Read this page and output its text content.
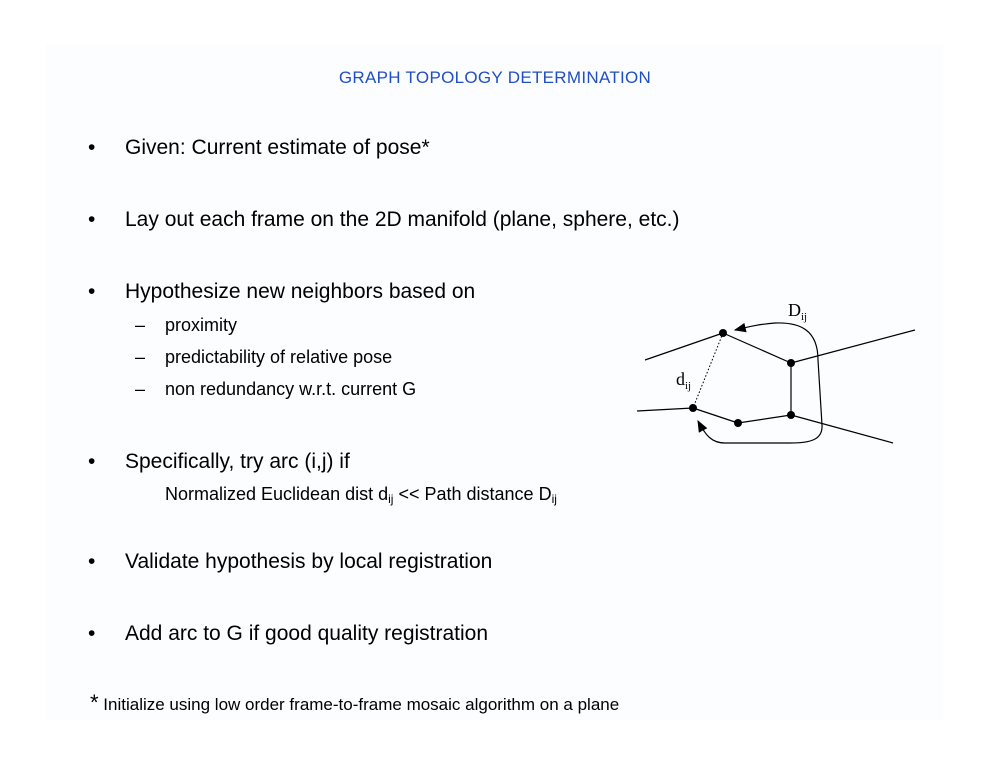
GRAPH TOPOLOGY DETERMINATION
• Given: Current estimate of pose*
• Lay out each frame on the 2D manifold (plane, sphere, etc.)
• Hypothesize new neighbors based on
– proximity
– predictability of relative pose
– non redundancy w.r.t. current G
• Specifically, try arc (i,j) if
Normalized Euclidean dist $d_{ij}$ << Path distance $D_{ij}$
• Validate hypothesis by local registration
• Add arc to G if good quality registration
* Initialize using low order frame-to-frame mosaic algorithm on a plane
$D_{ij}$
$d_{ij}$
